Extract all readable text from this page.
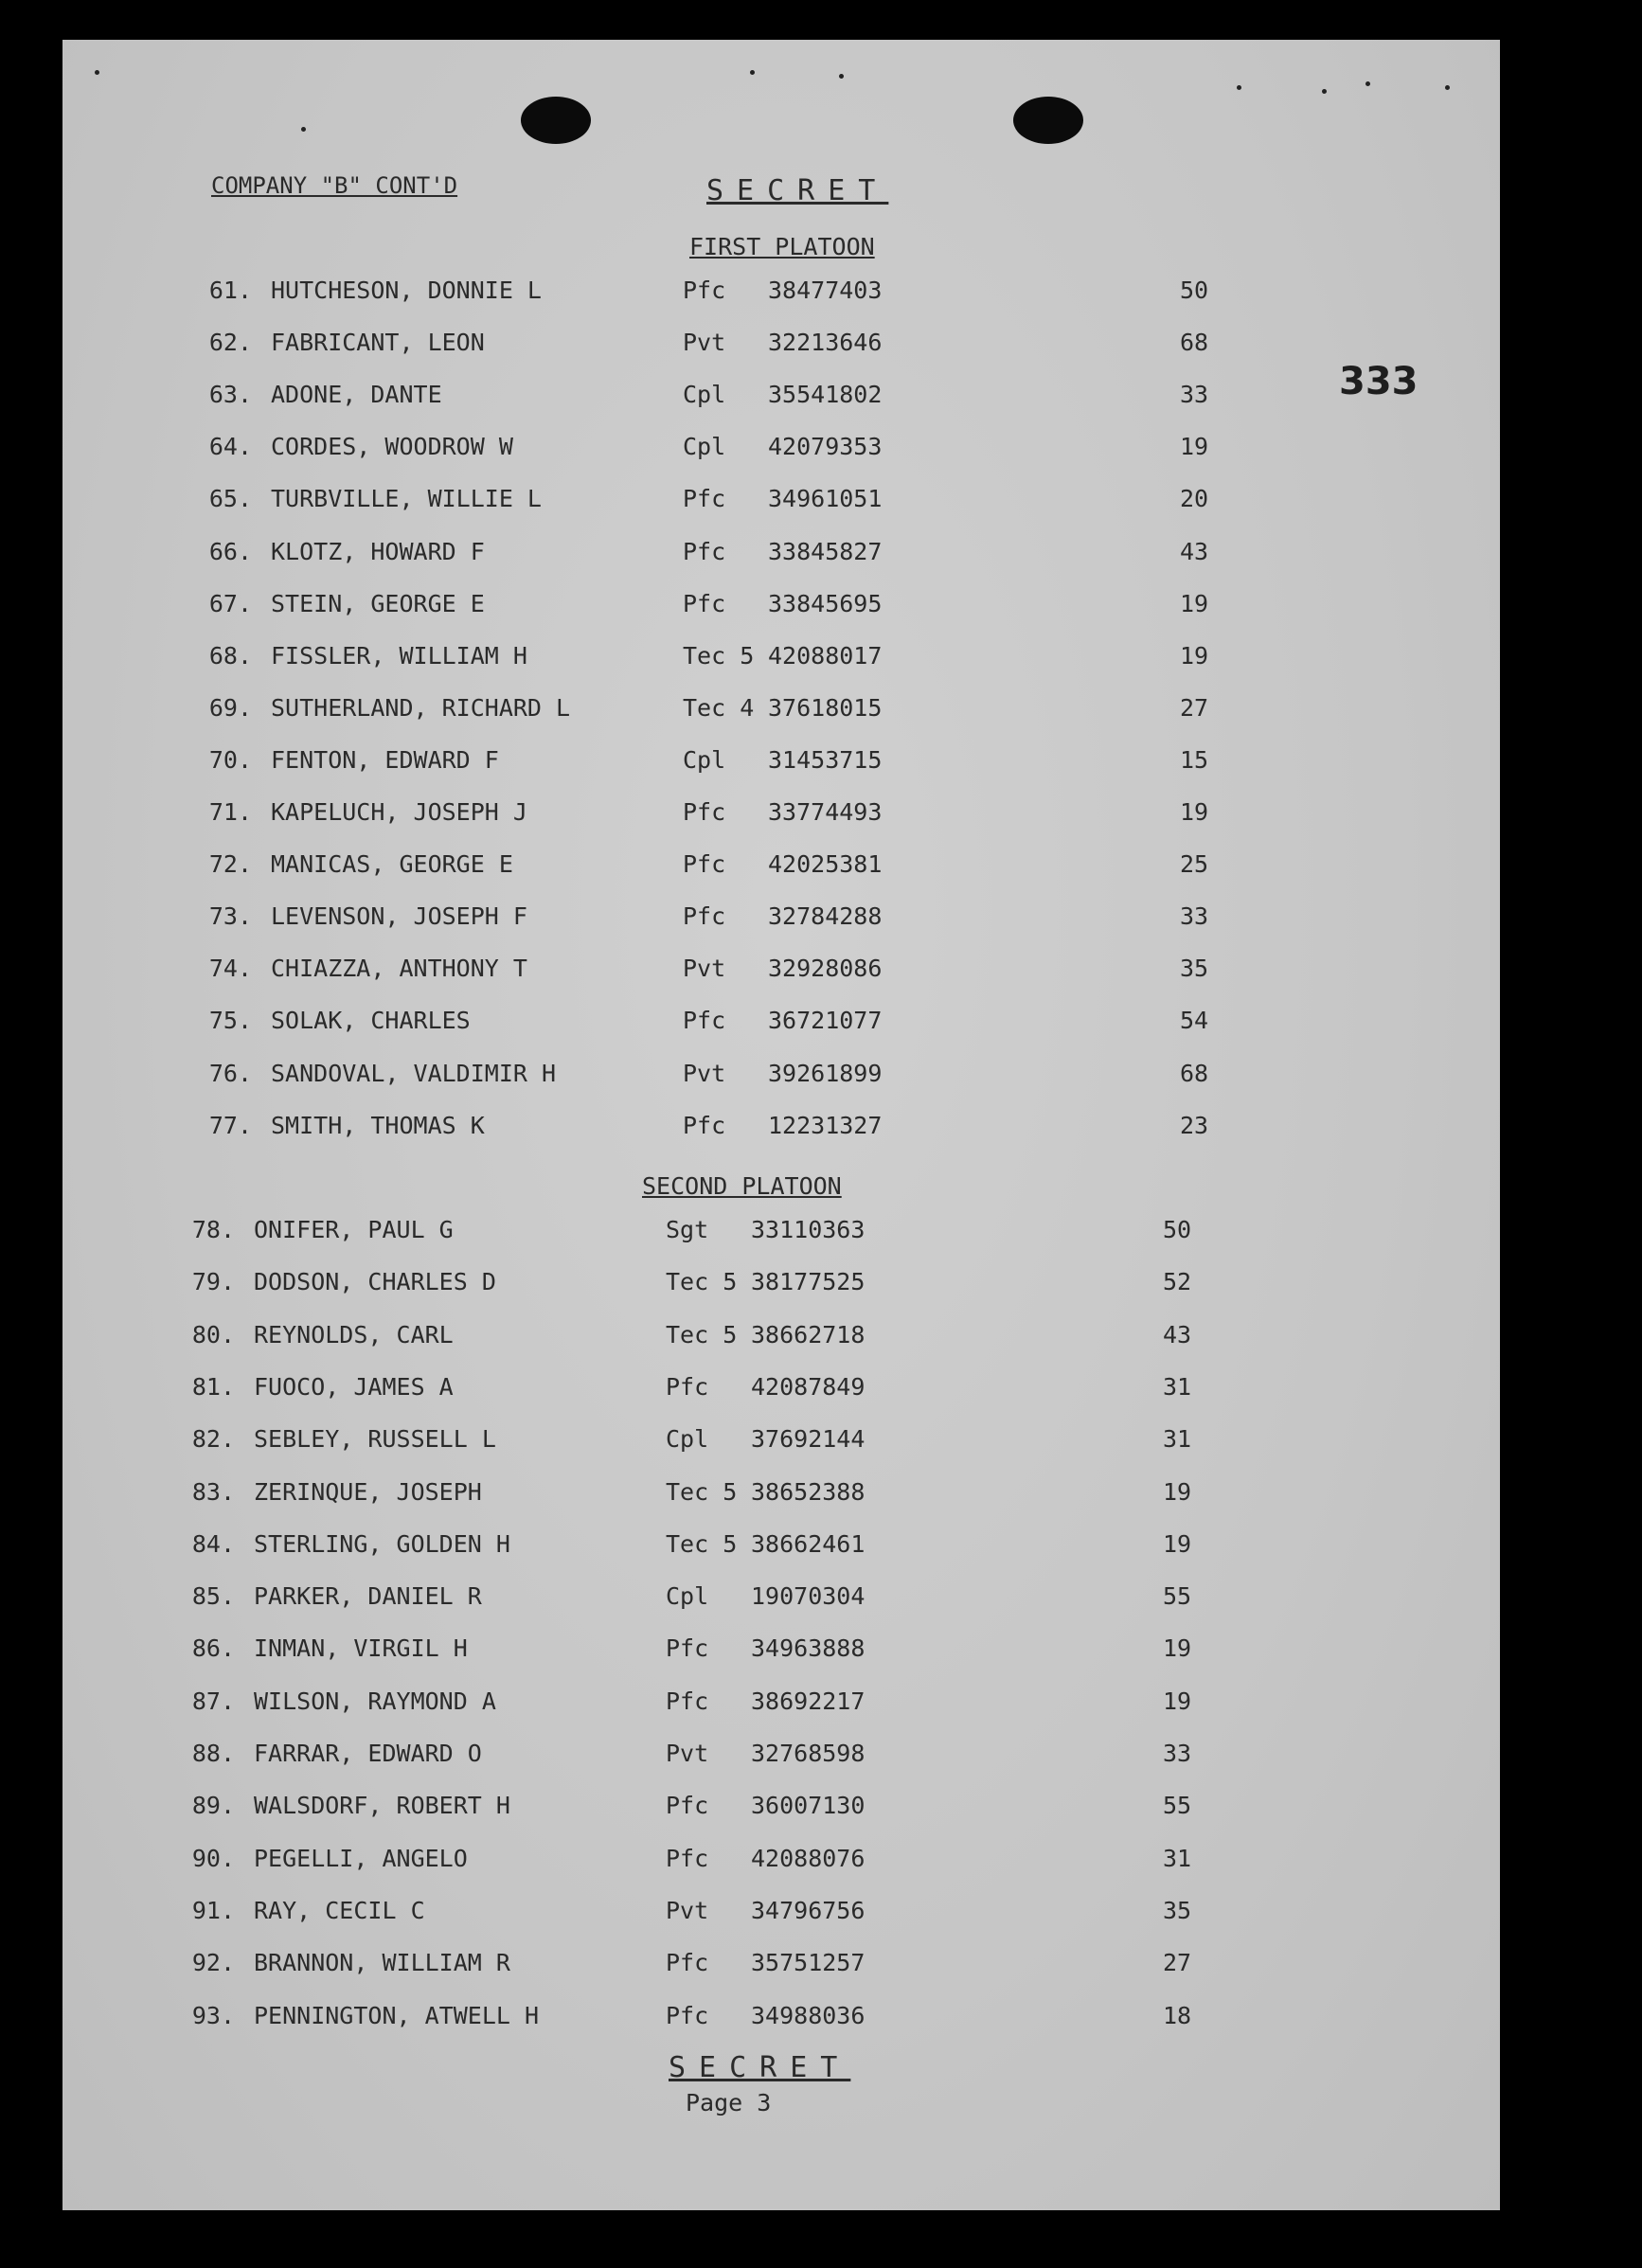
COMPANY "B" CONT'D	SECRET
333
FIRST PLATOON
61. HUTCHESON, DONNIE L	Pfc 38477403	50
62. FABRICANT, LEON	Pvt 32213646	68
63. ADONE, DANTE	Cpl 35541802	33
64. CORDES, WOODROW W	Cpl 42079353	19
65. TURBVILLE, WILLIE L	Pfc 34961051	20
66. KLOTZ, HOWARD F	Pfc 33845827	43
67. STEIN, GEORGE E	Pfc 33845695	19
68. FISSLER, WILLIAM H	Tec 5 42088017	19
69. SUTHERLAND, RICHARD L	Tec 4 37618015	27
70. FENTON, EDWARD F	Cpl 31453715	15
71. KAPELUCH, JOSEPH J	Pfc 33774493	19
72. MANICAS, GEORGE E	Pfc 42025381	25
73. LEVENSON, JOSEPH F	Pfc 32784288	33
74. CHIAZZA, ANTHONY T	Pvt 32928086	35
75. SOLAK, CHARLES	Pfc 36721077	54
76. SANDOVAL, VALDIMIR H	Pvt 39261899	68
77. SMITH, THOMAS K	Pfc 12231327	23
SECOND PLATOON
78. ONIFER, PAUL G	Sgt 33110363	50
79. DODSON, CHARLES D	Tec 5 38177525	52
80. REYNOLDS, CARL	Tec 5 38662718	43
81. FUOCO, JAMES A	Pfc 42087849	31
82. SEBLEY, RUSSELL L	Cpl 37692144	31
83. ZERINQUE, JOSEPH	Tec 5 38652388	19
84. STERLING, GOLDEN H	Tec 5 38662461	19
85. PARKER, DANIEL R	Cpl 19070304	55
86. INMAN, VIRGIL H	Pfc 34963888	19
87. WILSON, RAYMOND A	Pfc 38692217	19
88. FARRAR, EDWARD O	Pvt 32768598	33
89. WALSDORF, ROBERT H	Pfc 36007130	55
90. PEGELLI, ANGELO	Pfc 42088076	31
91. RAY, CECIL C	Pvt 34796756	35
92. BRANNON, WILLIAM R	Pfc 35751257	27
93. PENNINGTON, ATWELL H	Pfc 34988036	18
SECRET
Page 3
